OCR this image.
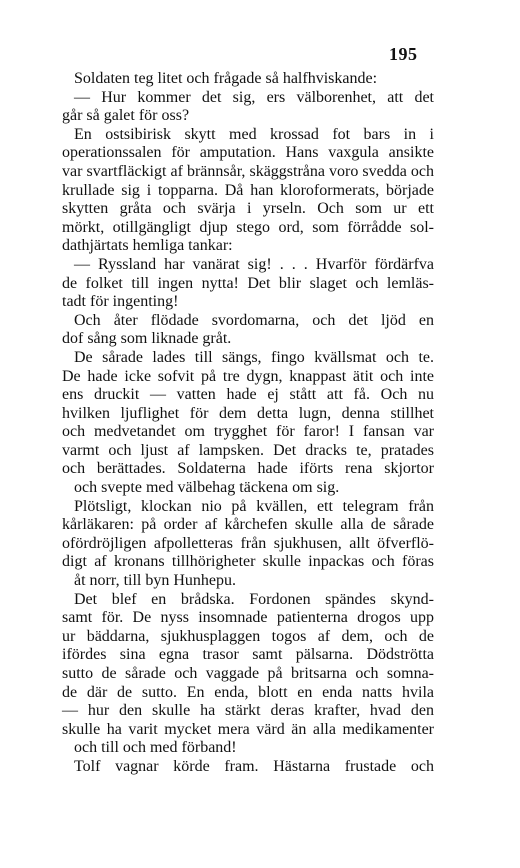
195
Soldaten teg litet och frågade så halfhviskande:
— Hur kommer det sig, ers välborenhet, att det
går så galet för oss?
En ostsibirisk skytt med krossad fot bars in i
operationssalen för amputation. Hans vaxgula ansikte
var svartfläckigt af brännsår, skäggstråna voro svedda och
krullade sig i topparna. Då han kloroformerats, började
skytten gråta och svärja i yrseln. Och som ur ett
mörkt, otillgängligt djup stego ord, som förrådde sol-
dathjärtats hemliga tankar:
— Ryssland har vanärat sig! . . . Hvarför fördärfva
de folket till ingen nytta! Det blir slaget och lemläs-
tadt för ingenting!
Och åter flödade svordomarna, och det ljöd en
dof sång som liknade gråt.
De sårade lades till sängs, fingo kvällsmat och te.
De hade icke sofvit på tre dygn, knappast ätit och inte
ens druckit — vatten hade ej stått att få. Och nu
hvilken ljuflighet för dem detta lugn, denna stillhet
och medvetandet om trygghet för faror! I fansan var
varmt och ljust af lampsken. Det dracks te, pratades
och berättades. Soldaterna hade iförts rena skjortor
och svepte med välbehag täckena om sig.
Plötsligt, klockan nio på kvällen, ett telegram från
kårläkaren: på order af kårchefen skulle alla de sårade
ofördröjligen afpolletteras från sjukhusen, allt öfverflö-
digt af kronans tillhörigheter skulle inpackas och föras
åt norr, till byn Hunhepu.
Det blef en brådska. Fordonen spändes skynd-
samt för. De nyss insomnade patienterna drogos upp
ur bäddarna, sjukhusplaggen togos af dem, och de
ifördes sina egna trasor samt pälsarna. Dödströtta
sutto de sårade och vaggade på britsarna och somna-
de där de sutto. En enda, blott en enda natts hvila
— hur den skulle ha stärkt deras krafter, hvad den
skulle ha varit mycket mera värd än alla medikamenter
och till och med förband!
Tolf vagnar körde fram. Hästarna frustade och
